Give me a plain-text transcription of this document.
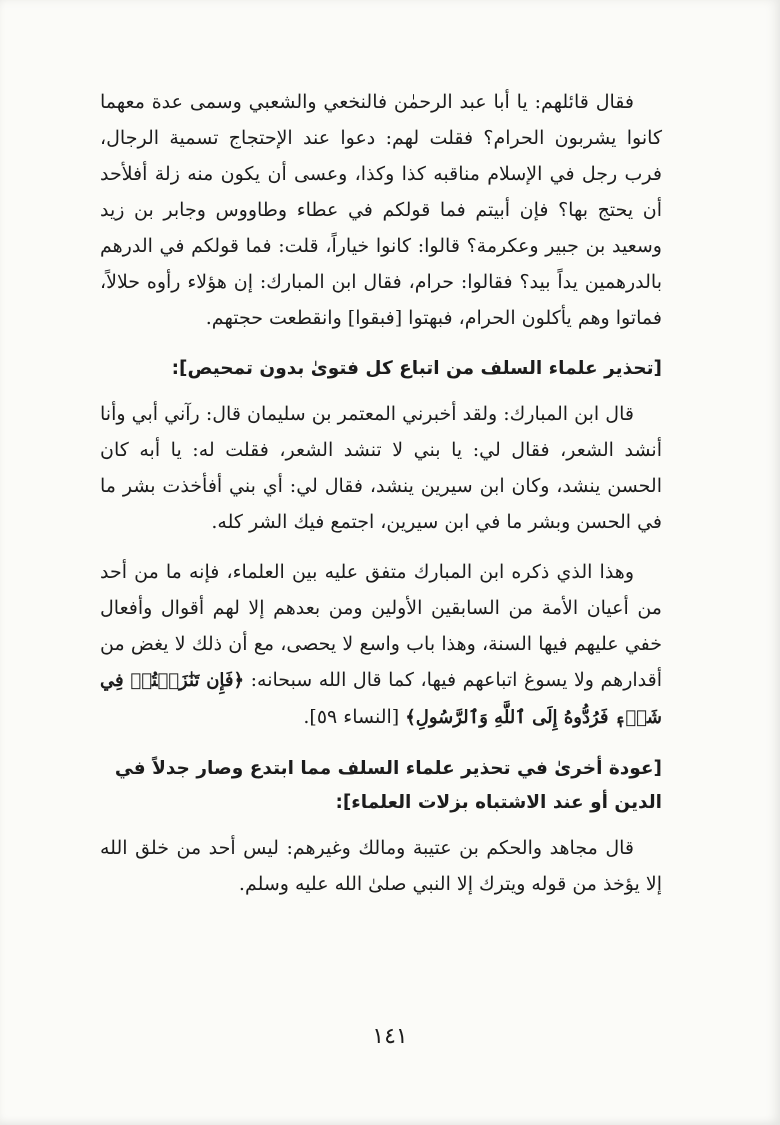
فقال قائلهم: يا أبا عبد الرحمٰن فالنخعي والشعبي وسمى عدة معهما كانوا يشربون الحرام؟ فقلت لهم: دعوا عند الإحتجاج تسمية الرجال، فرب رجل في الإسلام مناقبه كذا وكذا، وعسى أن يكون منه زلة أفلأحد أن يحتج بها؟ فإن أبيتم فما قولكم في عطاء وطاووس وجابر بن زيد وسعيد بن جبير وعكرمة؟ قالوا: كانوا خياراً، قلت: فما قولكم في الدرهم بالدرهمين يداً بيد؟ فقالوا: حرام، فقال ابن المبارك: إن هؤلاء رأوه حلالاً، فماتوا وهم يأكلون الحرام، فبهتوا [فبقوا] وانقطعت حجتهم.

[تحذير علماء السلف من اتباع كل فتوىٰ بدون تمحيص]:

قال ابن المبارك: ولقد أخبرني المعتمر بن سليمان قال: رآني أبي وأنا أنشد الشعر، فقال لي: يا بني لا تنشد الشعر، فقلت له: يا أبه كان الحسن ينشد، وكان ابن سيرين ينشد، فقال لي: أي بني أفأخذت بشر ما في الحسن وبشر ما في ابن سيرين، اجتمع فيك الشر كله.

وهذا الذي ذكره ابن المبارك متفق عليه بين العلماء، فإنه ما من أحد من أعيان الأمة من السابقين الأولين ومن بعدهم إلا لهم أقوال وأفعال خفي عليهم فيها السنة، وهذا باب واسع لا يحصى، مع أن ذلك لا يغض من أقدارهم ولا يسوغ اتباعهم فيها، كما قال الله سبحانه: ﴿فَإِن تَنَٰزَعۡتُمۡ فِي شَيۡءٖ فَرُدُّوهُ إِلَى ٱللَّهِ وَٱلرَّسُولِ﴾ [النساء ٥٩].

[عودة أخرىٰ في تحذير علماء السلف مما ابتدع وصار جدلاً في الدين أو عند الاشتباه بزلات العلماء]:

قال مجاهد والحكم بن عتيبة ومالك وغيرهم: ليس أحد من خلق الله إلا يؤخذ من قوله ويترك إلا النبي صلىٰ الله عليه وسلم.

١٤١
